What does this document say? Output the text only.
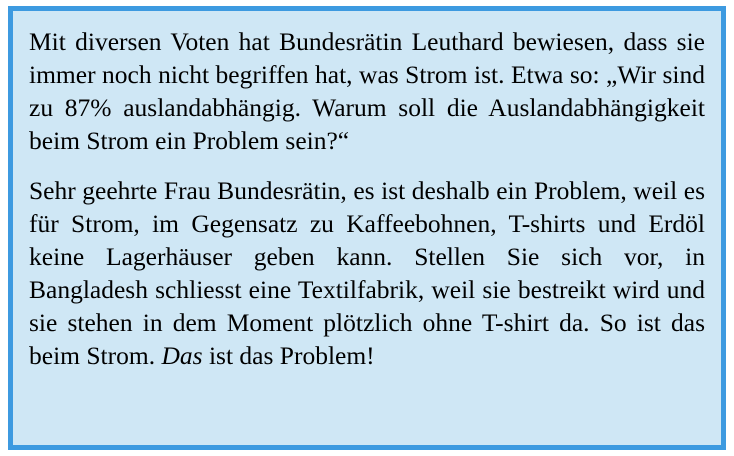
Mit diversen Voten hat Bundesrätin Leuthard bewiesen, dass sie immer noch nicht begriffen hat, was Strom ist. Etwa so: „Wir sind zu 87% auslandabhängig. Warum soll die Auslandabhängigkeit beim Strom ein Problem sein?“

Sehr geehrte Frau Bundesrätin, es ist deshalb ein Problem, weil es für Strom, im Gegensatz zu Kaffeebohnen, T-shirts und Erdöl keine Lagerhäuser geben kann. Stellen Sie sich vor, in Bangladesh schliesst eine Textilfabrik, weil sie bestreikt wird und sie stehen in dem Moment plötzlich ohne T-shirt da. So ist das beim Strom. Das ist das Problem!
